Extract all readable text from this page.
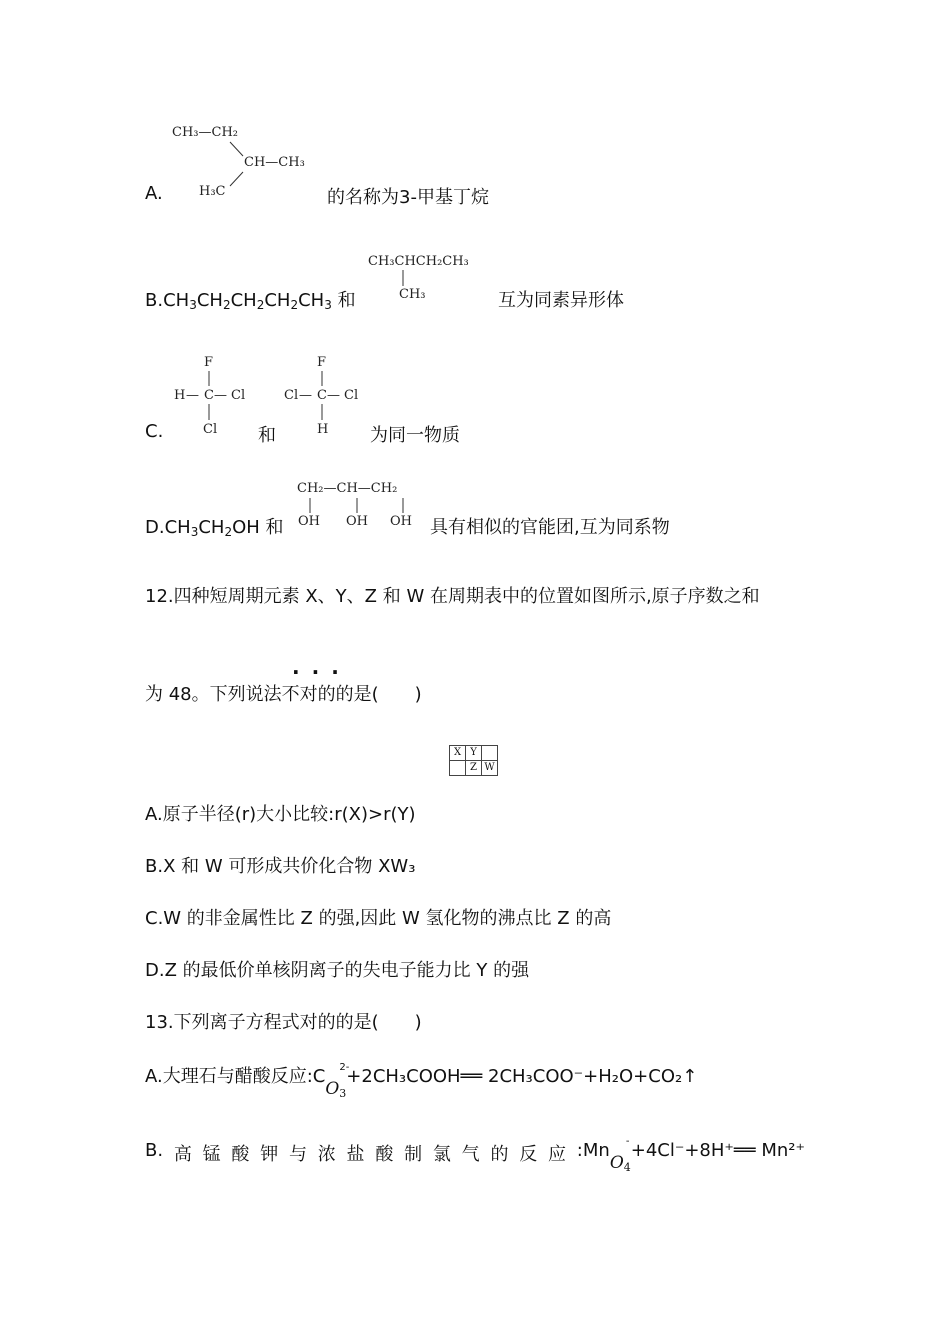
CH₃—CH₂
CH—CH₃
H₃C
A.	的名称为3-甲基丁烷
CH₃CHCH₂CH₃
CH₃
$B.CH_3CH_2CH_2CH_2CH_3$ 和	互为同素异形体
F
H — C — Cl
Cl
F
Cl — C — Cl
H
C.	和	为同一物质
CH₂—CH—CH₂
OH OH OH
$D.CH_3CH_2OH$ 和	具有相似的官能团,互为同系物
12.四种短周期元素 X、Y、Z 和 W 在周期表中的位置如图所示,原子序数之和
···
为 48。下列说法不对的的是(　　)
X	Y	
	Z	W
A.原子半径(r)大小比较:r(X)>r(Y)
B.X 和 W 可形成共价化合物 XW₃
C.W 的非金属性比 Z 的强,因此 W 氢化物的沸点比 Z 的高
D.Z 的最低价单核阴离子的失电子能力比 Y 的强
13.下列离子方程式对的的是(　　)
A.大理石与醋酸反应$:CO_3$
2-
+2CH₃COOH══ 2CH₃COO⁻+H₂O+CO₂↑
B. 高 锰 酸 钾 与 浓 盐 酸 制 氯 气 的 反 应 :MnO$_4$
- +4Cl⁻+8H⁺══ Mn²⁺
